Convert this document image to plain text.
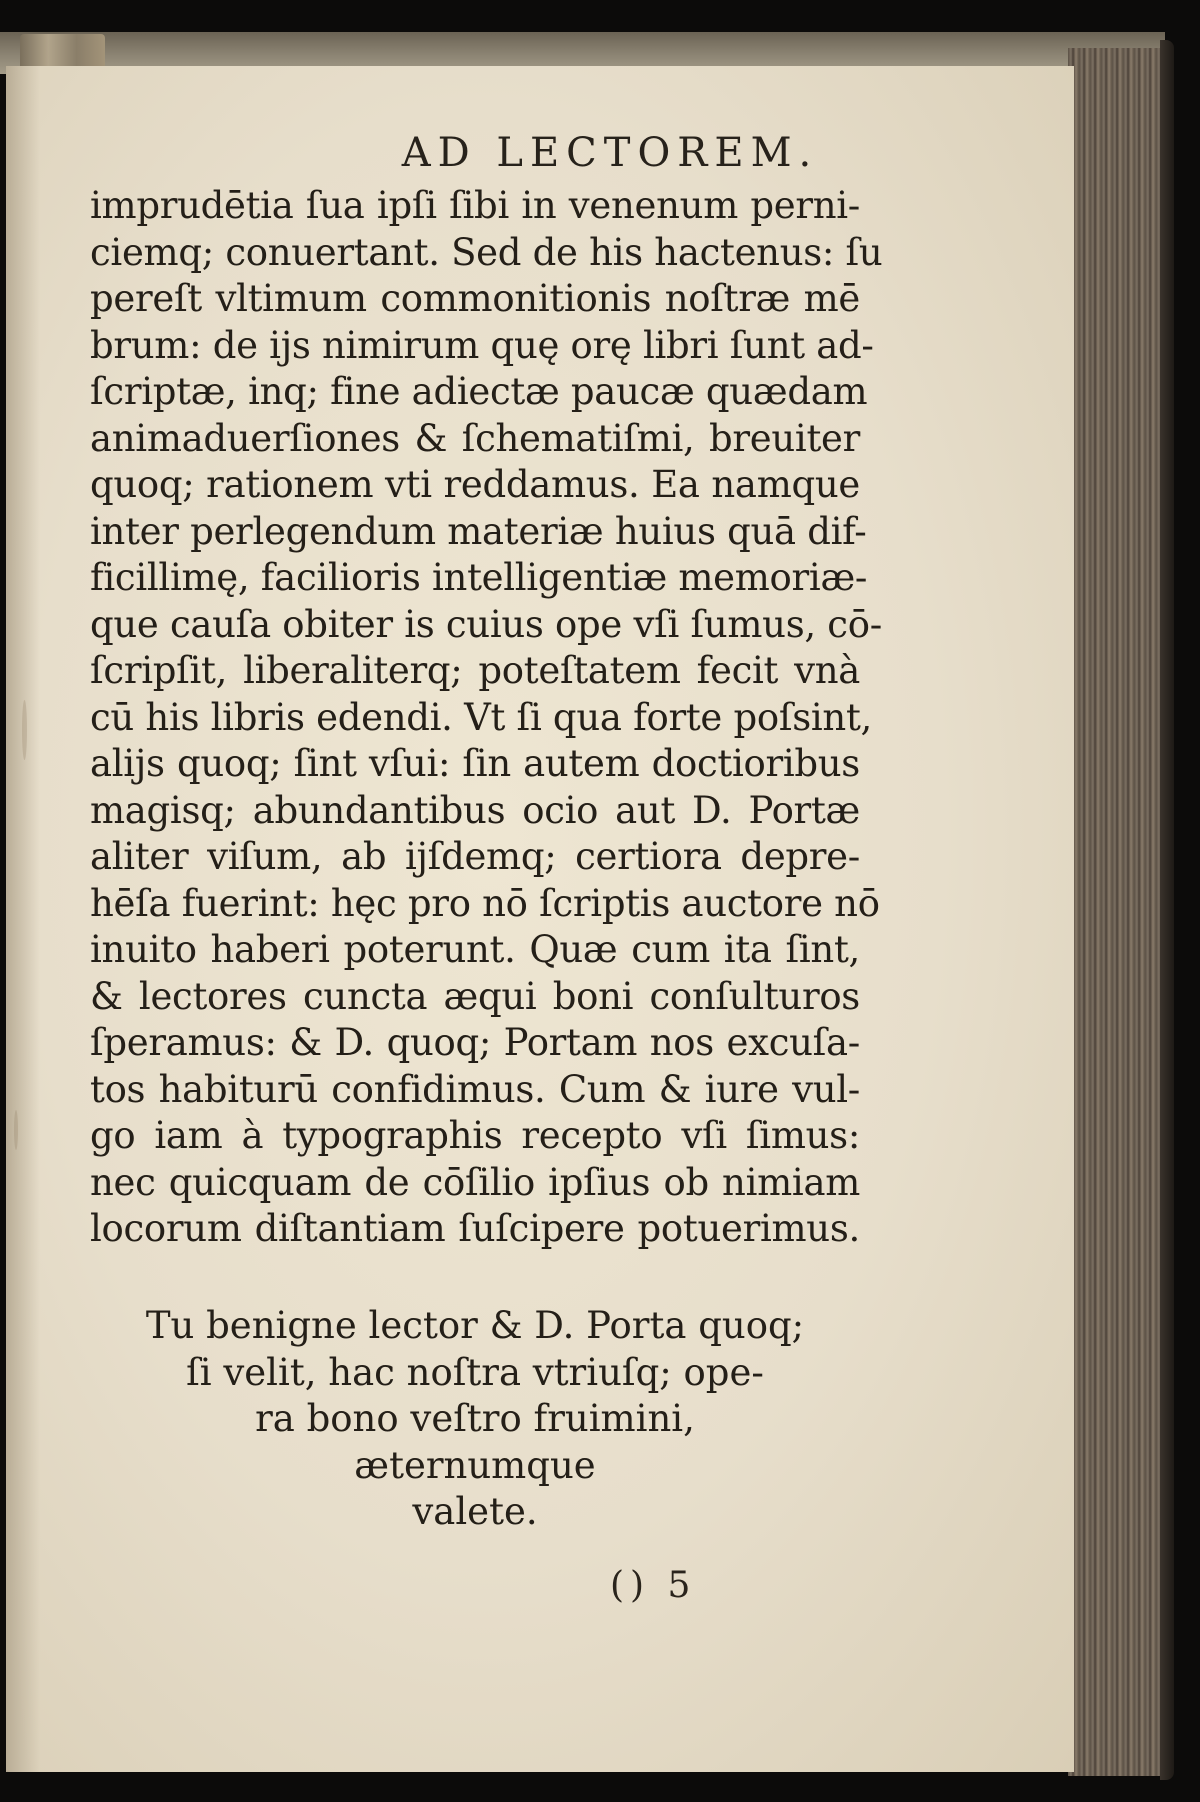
AD LECTOREM.
imprudētia ſua ipſi ſibi in venenum perni-
ciemq; conuertant. Sed de his hactenus: ſu
pereſt vltimum commonitionis noſtræ mē
brum: de ijs nimirum quę orę libri ſunt ad-
ſcriptæ, inq; fine adiectæ paucæ quædam
animaduerſiones & ſchematiſmi, breuiter
quoq; rationem vti reddamus. Ea namque
inter perlegendum materiæ huius quā dif-
ficillimę, facilioris intelligentiæ memoriæ-
que cauſa obiter is cuius ope vſi ſumus, cō-
ſcripſit, liberaliterq; poteſtatem fecit vnà
cū his libris edendi. Vt ſi qua forte poſsint,
alijs quoq; ſint vſui: ſin autem doctioribus
magisq; abundantibus ocio aut D. Portæ
aliter viſum, ab ijſdemq; certiora depre-
hēſa fuerint: hęc pro nō ſcriptis auctore nō
inuito haberi poterunt. Quæ cum ita ſint,
& lectores cuncta æqui boni conſulturos
ſperamus: & D. quoq; Portam nos excuſa-
tos habiturū confidimus. Cum & iure vul-
go iam à typographis recepto vſi ſimus:
nec quicquam de cōſilio ipſius ob nimiam
locorum diſtantiam ſuſcipere potuerimus.
Tu benigne lector & D. Porta quoq;
ſi velit, hac noſtra vtriuſq; ope-
ra bono veſtro fruimini,
æternumque
valete.
() 5
